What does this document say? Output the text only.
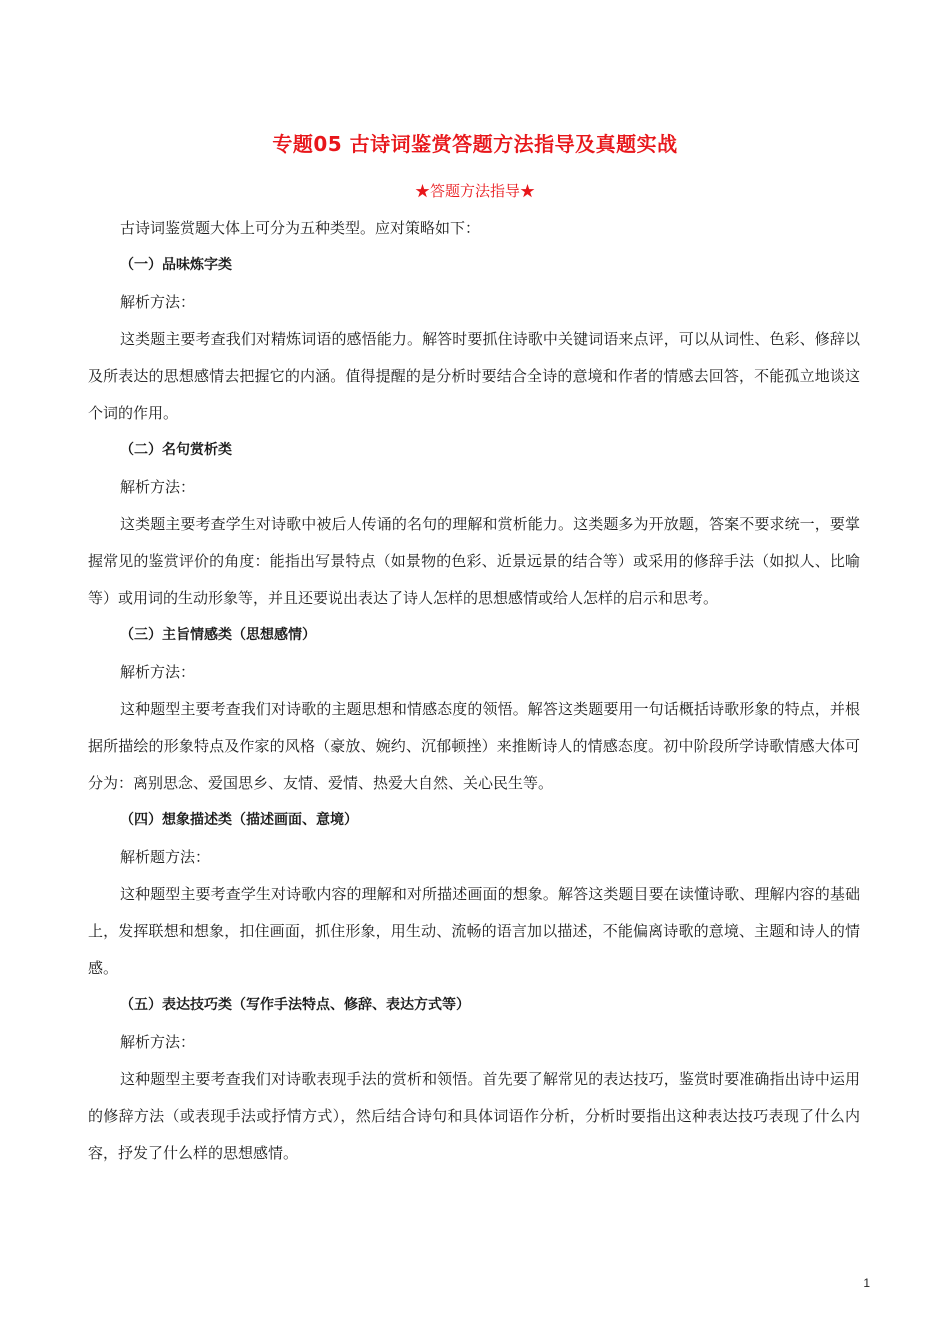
专题05 古诗词鉴赏答题方法指导及真题实战
★答题方法指导★

古诗词鉴赏题大体上可分为五种类型。应对策略如下：

（一）品味炼字类

解析方法：

这类题主要考查我们对精炼词语的感悟能力。解答时要抓住诗歌中关键词语来点评，可以从词性、色彩、修辞以及所表达的思想感情去把握它的内涵。值得提醒的是分析时要结合全诗的意境和作者的情感去回答，不能孤立地谈这个词的作用。

（二）名句赏析类

解析方法：

这类题主要考查学生对诗歌中被后人传诵的名句的理解和赏析能力。这类题多为开放题，答案不要求统一，要掌握常见的鉴赏评价的角度：能指出写景特点（如景物的色彩、近景远景的结合等）或采用的修辞手法（如拟人、比喻等）或用词的生动形象等，并且还要说出表达了诗人怎样的思想感情或给人怎样的启示和思考。

（三）主旨情感类（思想感情）

解析方法：

这种题型主要考查我们对诗歌的主题思想和情感态度的领悟。解答这类题要用一句话概括诗歌形象的特点，并根据所描绘的形象特点及作家的风格（豪放、婉约、沉郁顿挫）来推断诗人的情感态度。初中阶段所学诗歌情感大体可分为：离别思念、爱国思乡、友情、爱情、热爱大自然、关心民生等。

（四）想象描述类（描述画面、意境）

解析题方法：

这种题型主要考查学生对诗歌内容的理解和对所描述画面的想象。解答这类题目要在读懂诗歌、理解内容的基础上，发挥联想和想象，扣住画面，抓住形象，用生动、流畅的语言加以描述，不能偏离诗歌的意境、主题和诗人的情感。

（五）表达技巧类（写作手法特点、修辞、表达方式等）

解析方法：

这种题型主要考查我们对诗歌表现手法的赏析和领悟。首先要了解常见的表达技巧，鉴赏时要准确指出诗中运用的修辞方法（或表现手法或抒情方式），然后结合诗句和具体词语作分析，分析时要指出这种表达技巧表现了什么内容，抒发了什么样的思想感情。

1
